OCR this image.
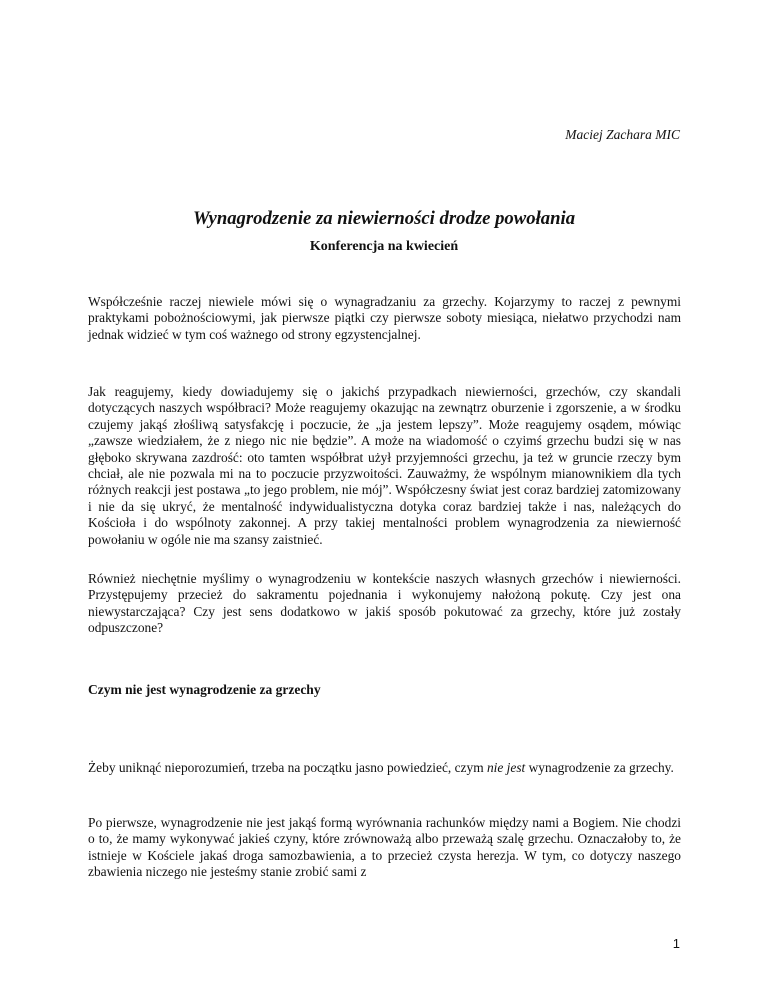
Maciej Zachara MIC
Wynagrodzenie za niewierności drodze powołania
Konferencja na kwiecień

Współcześnie raczej niewiele mówi się o wynagradzaniu za grzechy. Kojarzymy to raczej z pewnymi praktykami pobożnościowymi, jak pierwsze piątki czy pierwsze soboty miesiąca, niełatwo przychodzi nam jednak widzieć w tym coś ważnego od strony egzystencjalnej.

Jak reagujemy, kiedy dowiadujemy się o jakichś przypadkach niewierności, grzechów, czy skandali dotyczących naszych współbraci? Może reagujemy okazując na zewnątrz oburzenie i zgorszenie, a w środku czujemy jakąś złośliwą satysfakcję i poczucie, że „ja jestem lepszy”. Może reagujemy osądem, mówiąc „zawsze wiedziałem, że z niego nic nie będzie”. A może na wiadomość o czyimś grzechu budzi się w nas głęboko skrywana zazdrość: oto tamten współbrat użył przyjemności grzechu, ja też w gruncie rzeczy bym chciał, ale nie pozwala mi na to poczucie przyzwoitości. Zauważmy, że wspólnym mianownikiem dla tych różnych reakcji jest postawa „to jego problem, nie mój”. Współczesny świat jest coraz bardziej zatomizowany i nie da się ukryć, że mentalność indywidualistyczna dotyka coraz bardziej także i nas, należących do Kościoła i do wspólnoty zakonnej. A przy takiej mentalności problem wynagrodzenia za niewierność powołaniu w ogóle nie ma szansy zaistnieć.

Również niechętnie myślimy o wynagrodzeniu w kontekście naszych własnych grzechów i niewierności. Przystępujemy przecież do sakramentu pojednania i wykonujemy nałożoną pokutę. Czy jest ona niewystarczająca? Czy jest sens dodatkowo w jakiś sposób pokutować za grzechy, które już zostały odpuszczone?

Czym nie jest wynagrodzenie za grzechy

Żeby uniknąć nieporozumień, trzeba na początku jasno powiedzieć, czym nie jest wynagrodzenie za grzechy.

Po pierwsze, wynagrodzenie nie jest jakąś formą wyrównania rachunków między nami a Bogiem. Nie chodzi o to, że mamy wykonywać jakieś czyny, które zrównoważą albo przeważą szalę grzechu. Oznaczałoby to, że istnieje w Kościele jakaś droga samozbawienia, a to przecież czysta herezja. W tym, co dotyczy naszego zbawienia niczego nie jesteśmy stanie zrobić sami z

1
